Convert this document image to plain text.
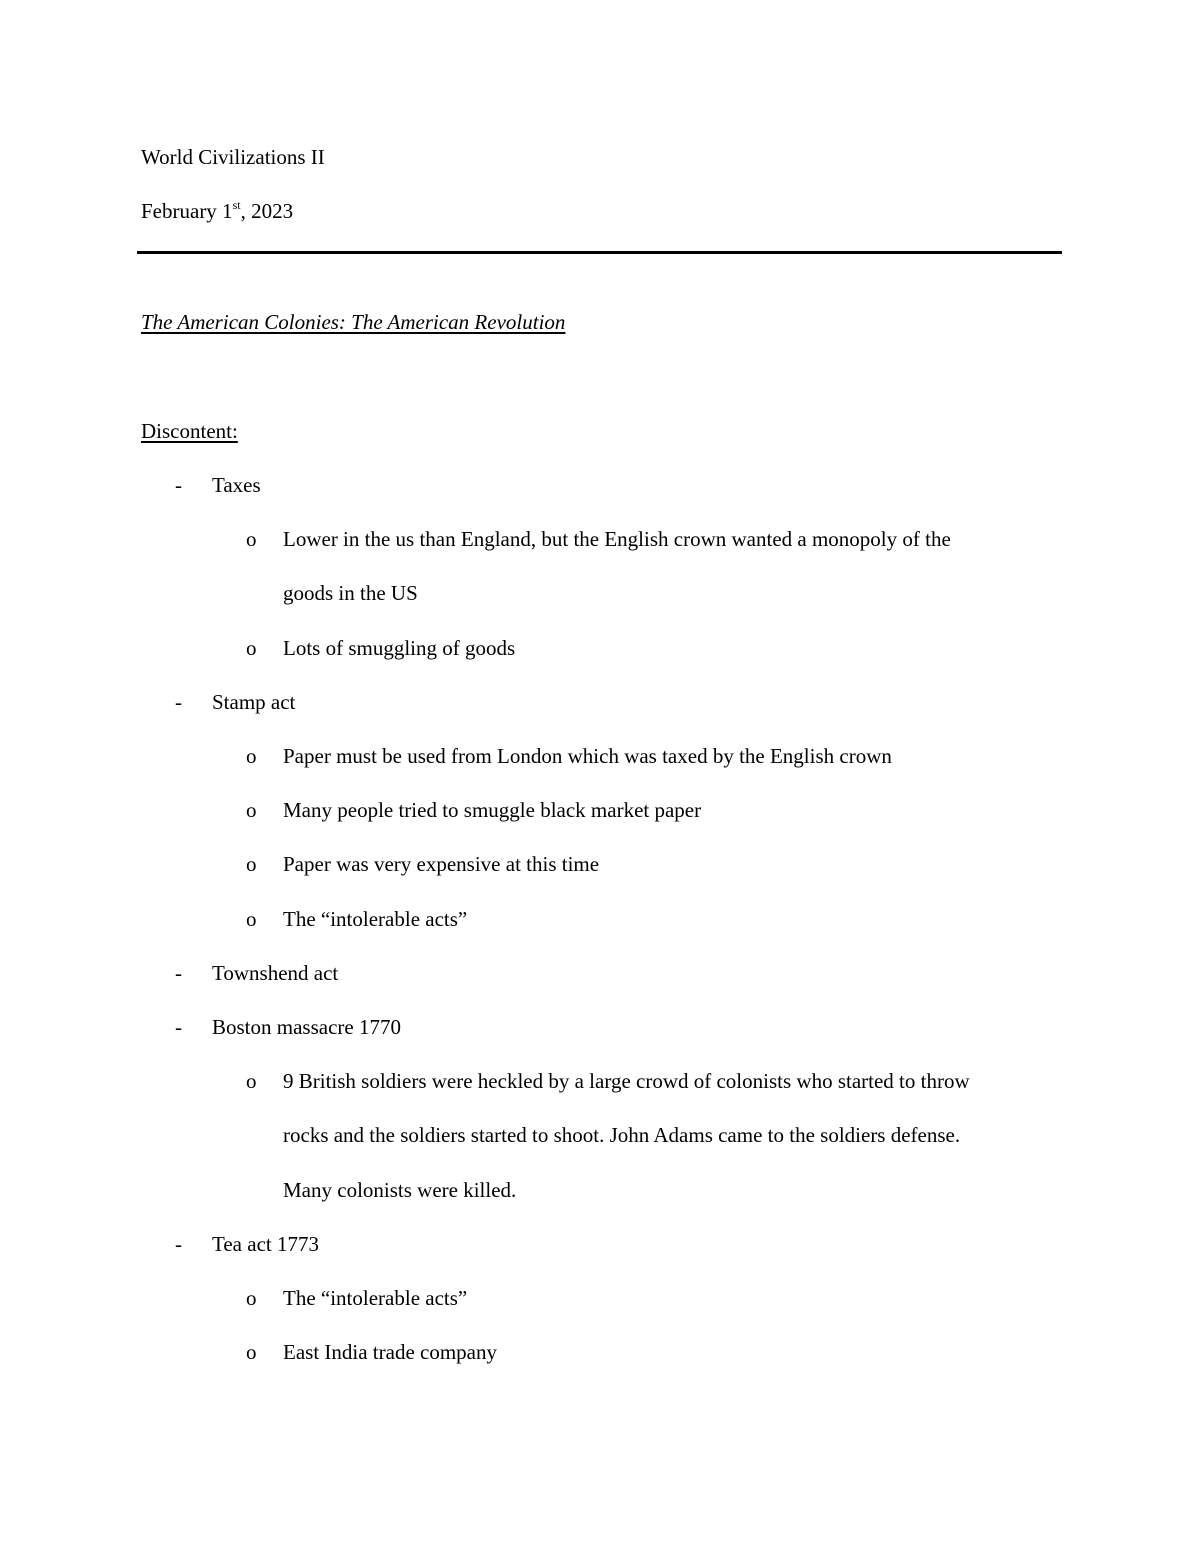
World Civilizations II
February 1st, 2023
The American Colonies: The American Revolution
Discontent:
- Taxes
o Lower in the us than England, but the English crown wanted a monopoly of the
goods in the US
o Lots of smuggling of goods
- Stamp act
o Paper must be used from London which was taxed by the English crown
o Many people tried to smuggle black market paper
o Paper was very expensive at this time
o The “intolerable acts”
- Townshend act
- Boston massacre 1770
o 9 British soldiers were heckled by a large crowd of colonists who started to throw
rocks and the soldiers started to shoot. John Adams came to the soldiers defense.
Many colonists were killed.
- Tea act 1773
o The “intolerable acts”
o East India trade company
